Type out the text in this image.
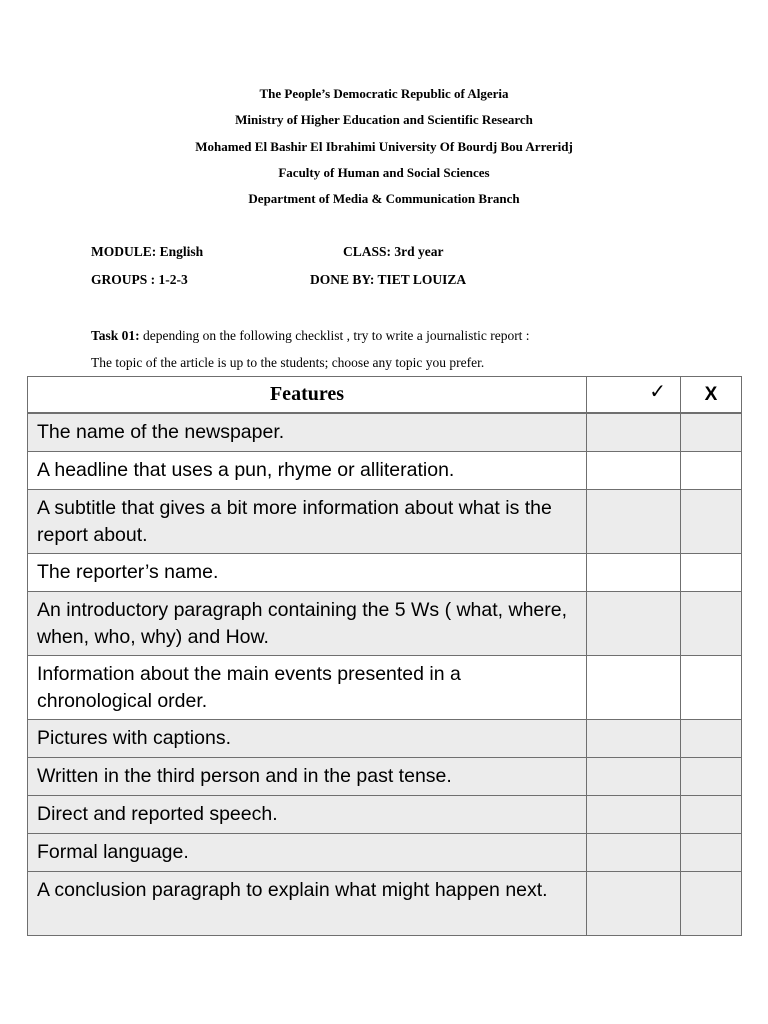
The People’s Democratic Republic of Algeria
Ministry of Higher Education and Scientific Research
Mohamed El Bashir El Ibrahimi University Of Bourdj Bou Arreridj
Faculty of Human and Social Sciences
Department of Media & Communication Branch
MODULE: English	CLASS: 3rd year
GROUPS : 1-2-3	DONE BY: TIET LOUIZA
Task 01: depending on the following checklist , try to write a journalistic report :
The topic of the article is up to the students; choose any topic you prefer.
Features	✓	X
The name of the newspaper.		
A headline that uses a pun, rhyme or alliteration.		
A subtitle that gives a bit more information about what is the report about.		
The reporter’s name.		
An introductory paragraph containing the 5 Ws ( what, where, when, who, why) and How.		
Information about the main events presented in a chronological order.		
Pictures with captions.		
Written in the third person and in the past tense.		
Direct and reported speech.		
Formal language.		
A conclusion paragraph to explain what might happen next.		
